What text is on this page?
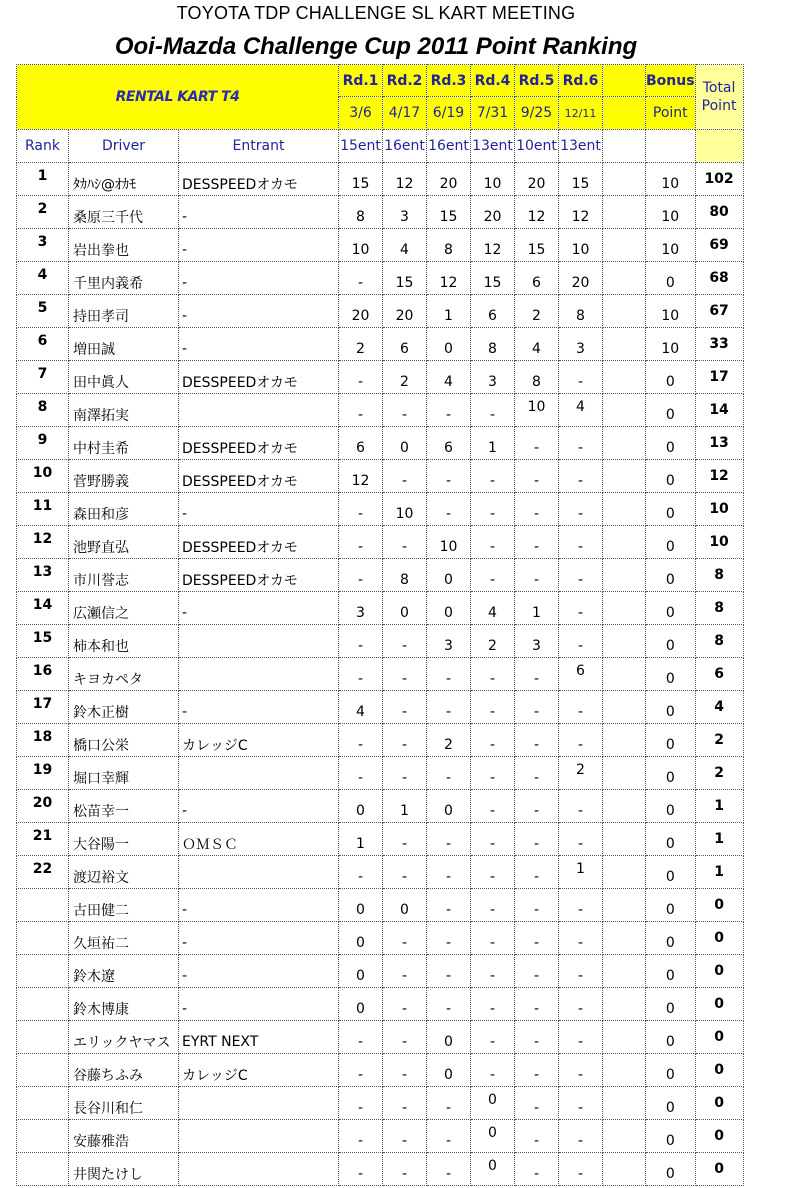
TOYOTA TDP CHALLENGE SL KART MEETING
Ooi-Mazda Challenge Cup 2011 Point Ranking
RENTAL KART T4			Rd.1	Rd.2	Rd.3	Rd.4	Rd.5	Rd.6		Bonus	Total
Point

			3/6	4/17	6/19	7/31	9/25	12/11		Point	
Rank	Driver	Entrant	15ent	16ent	16ent	13ent	10ent	13ent			
1	ﾀｶﾊｼ@ｵｶﾓ	DESSPEEDオカモ	15	12	20	10	20	15		10	102
2	桑原三千代	-	8	3	15	20	12	12		10	80
3	岩出拳也	-	10	4	8	12	15	10		10	69
4	千里内義希	-	-	15	12	15	6	20		0	68
5	持田孝司	-	20	20	1	6	2	8		10	67
6	増田誠	-	2	6	0	8	4	3		10	33
7	田中眞人	DESSPEEDオカモ	-	2	4	3	8	-		0	17
8	南澤拓実		-	-	-	-	10	4		0	14
9	中村圭希	DESSPEEDオカモ	6	0	6	1	-	-		0	13
10	菅野勝義	DESSPEEDオカモ	12	-	-	-	-	-		0	12
11	森田和彦	-	-	10	-	-	-	-		0	10
12	池野直弘	DESSPEEDオカモ	-	-	10	-	-	-		0	10
13	市川誉志	DESSPEEDオカモ	-	8	0	-	-	-		0	8
14	広瀬信之	-	3	0	0	4	1	-		0	8
15	柿本和也		-	-	3	2	3	-		0	8
16	キヨカペタ		-	-	-	-	-	6		0	6
17	鈴木正樹	-	4	-	-	-	-	-		0	4
18	橋口公栄	カレッジC	-	-	2	-	-	-		0	2
19	堀口幸輝		-	-	-	-	-	2		0	2
20	松苗幸一	-	0	1	0	-	-	-		0	1
21	大谷陽一	ＯＭＳＣ	1	-	-	-	-	-		0	1
22	渡辺裕文		-	-	-	-	-	1		0	1
	古田健二	-	0	0	-	-	-	-		0	0
	久垣祐二	-	0	-	-	-	-	-		0	0
	鈴木遼	-	0	-	-	-	-	-		0	0
	鈴木博康	-	0	-	-	-	-	-		0	0
	エリックヤマス	EYRT NEXT	-	-	0	-	-	-		0	0
	谷藤ちふみ	カレッジC	-	-	0	-	-	-		0	0
	長谷川和仁		-	-	-	0	-	-		0	0
	安藤雅浩		-	-	-	0	-	-		0	0
	井関たけし		-	-	-	0	-	-		0	0
